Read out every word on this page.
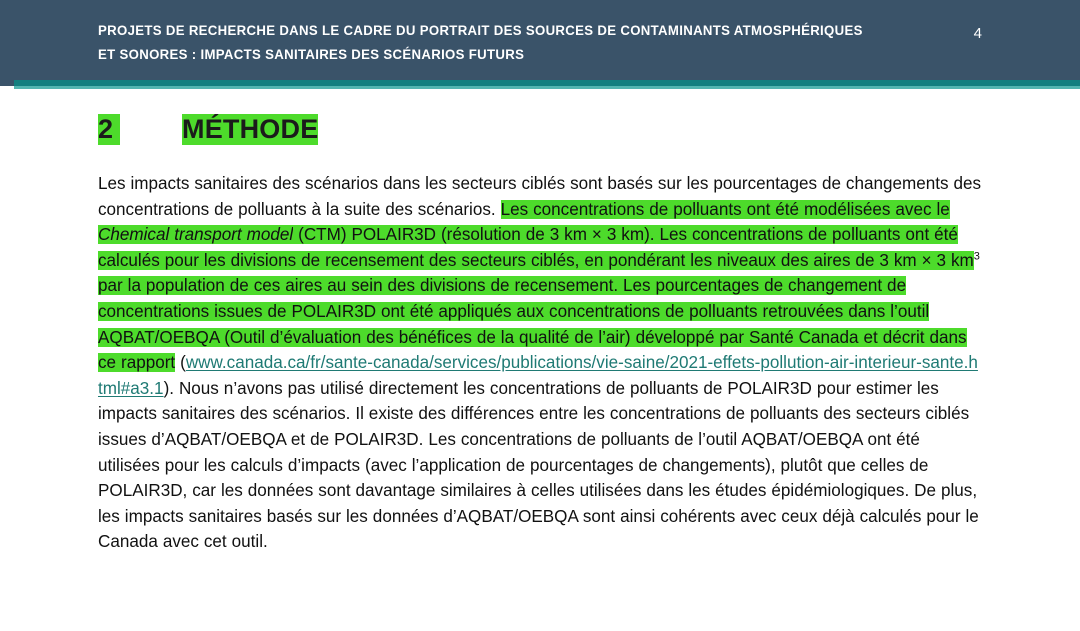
PROJETS DE RECHERCHE DANS LE CADRE DU PORTRAIT DES SOURCES DE CONTAMINANTS ATMOSPHÉRIQUES
ET SONORES : IMPACTS SANITAIRES DES SCÉNARIOS FUTURS
4
2	MÉTHODE

Les impacts sanitaires des scénarios dans les secteurs ciblés sont basés sur les pourcentages de changements des concentrations de polluants à la suite des scénarios. Les concentrations de polluants ont été modélisées avec le Chemical transport model (CTM) POLAIR3D (résolution de 3 km × 3 km). Les concentrations de polluants ont été calculés pour les divisions de recensement des secteurs ciblés, en pondérant les niveaux des aires de 3 km × 3 $km^3$ par la population de ces aires au sein des divisions de recensement. Les pourcentages de changement de concentrations issues de POLAIR3D ont été appliqués aux concentrations de polluants retrouvées dans l’outil AQBAT/OEBQA (Outil d’évaluation des bénéfices de la qualité de l’air) développé par Santé Canada et décrit dans ce rapport (www.canada.ca/fr/sante-canada/services/publications/vie-saine/2021-effets-pollution-air-interieur-sante.html#a3.1). Nous n’avons pas utilisé directement les concentrations de polluants de POLAIR3D pour estimer les impacts sanitaires des scénarios. Il existe des différences entre les concentrations de polluants des secteurs ciblés issues d’AQBAT/OEBQA et de POLAIR3D. Les concentrations de polluants de l’outil AQBAT/OEBQA ont été utilisées pour les calculs d’impacts (avec l’application de pourcentages de changements), plutôt que celles de POLAIR3D, car les données sont davantage similaires à celles utilisées dans les études épidémiologiques. De plus, les impacts sanitaires basés sur les données d’AQBAT/OEBQA sont ainsi cohérents avec ceux déjà calculés pour le Canada avec cet outil.
